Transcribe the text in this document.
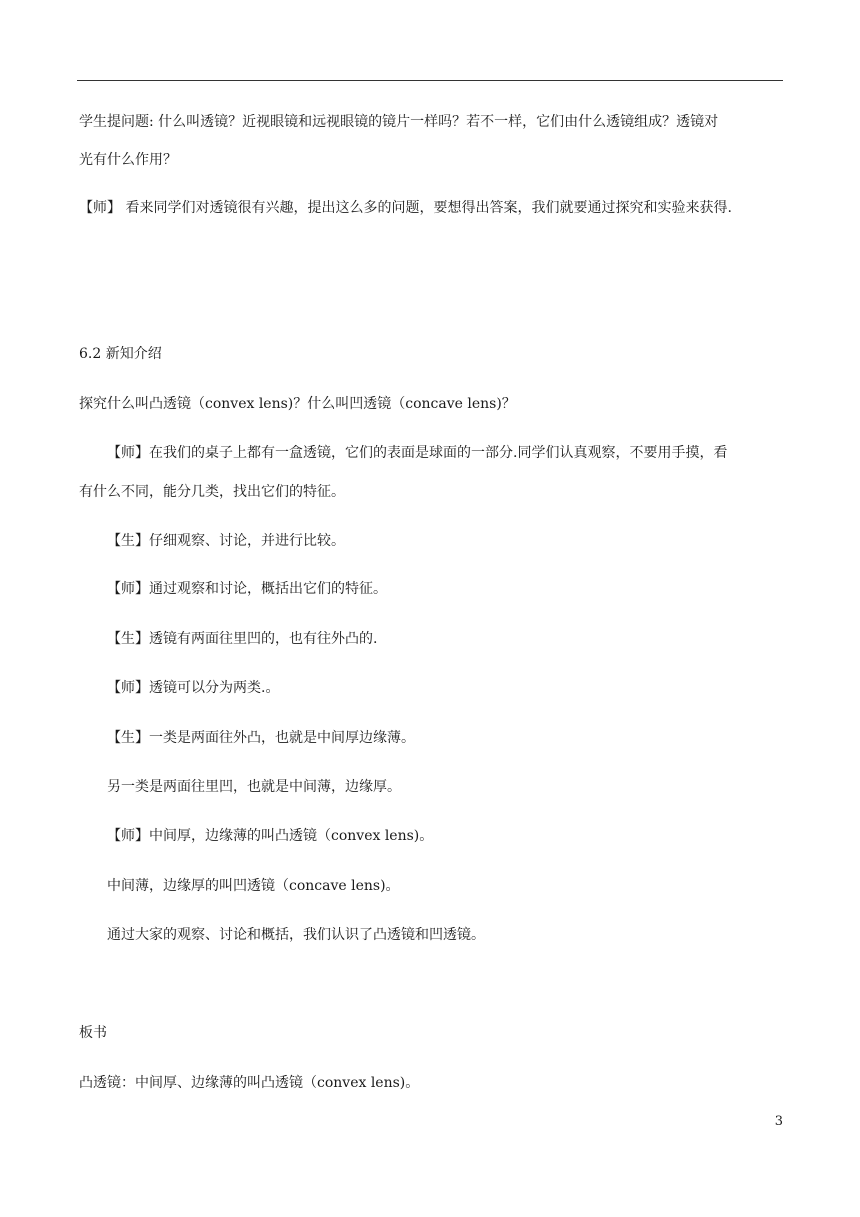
学生提问题: 什么叫透镜？近视眼镜和远视眼镜的镜片一样吗？若不一样，它们由什么透镜组成？透镜对
光有什么作用？
【师】 看来同学们对透镜很有兴趣，提出这么多的问题，要想得出答案，我们就要通过探究和实验来获得.
6.2 新知介绍
探究什么叫凸透镜（convex lens)？什么叫凹透镜（concave lens)？
【师】在我们的桌子上都有一盒透镜，它们的表面是球面的一部分.同学们认真观察，不要用手摸，看
有什么不同，能分几类，找出它们的特征。
【生】仔细观察、讨论，并进行比较。
【师】通过观察和讨论，概括出它们的特征。
【生】透镜有两面往里凹的，也有往外凸的.
【师】透镜可以分为两类.。
【生】一类是两面往外凸，也就是中间厚边缘薄。
另一类是两面往里凹，也就是中间薄，边缘厚。
【师】中间厚，边缘薄的叫凸透镜（convex lens)。
中间薄，边缘厚的叫凹透镜（concave lens)。
通过大家的观察、讨论和概括，我们认识了凸透镜和凹透镜。
板书
凸透镜：中间厚、边缘薄的叫凸透镜（convex lens)。
3
